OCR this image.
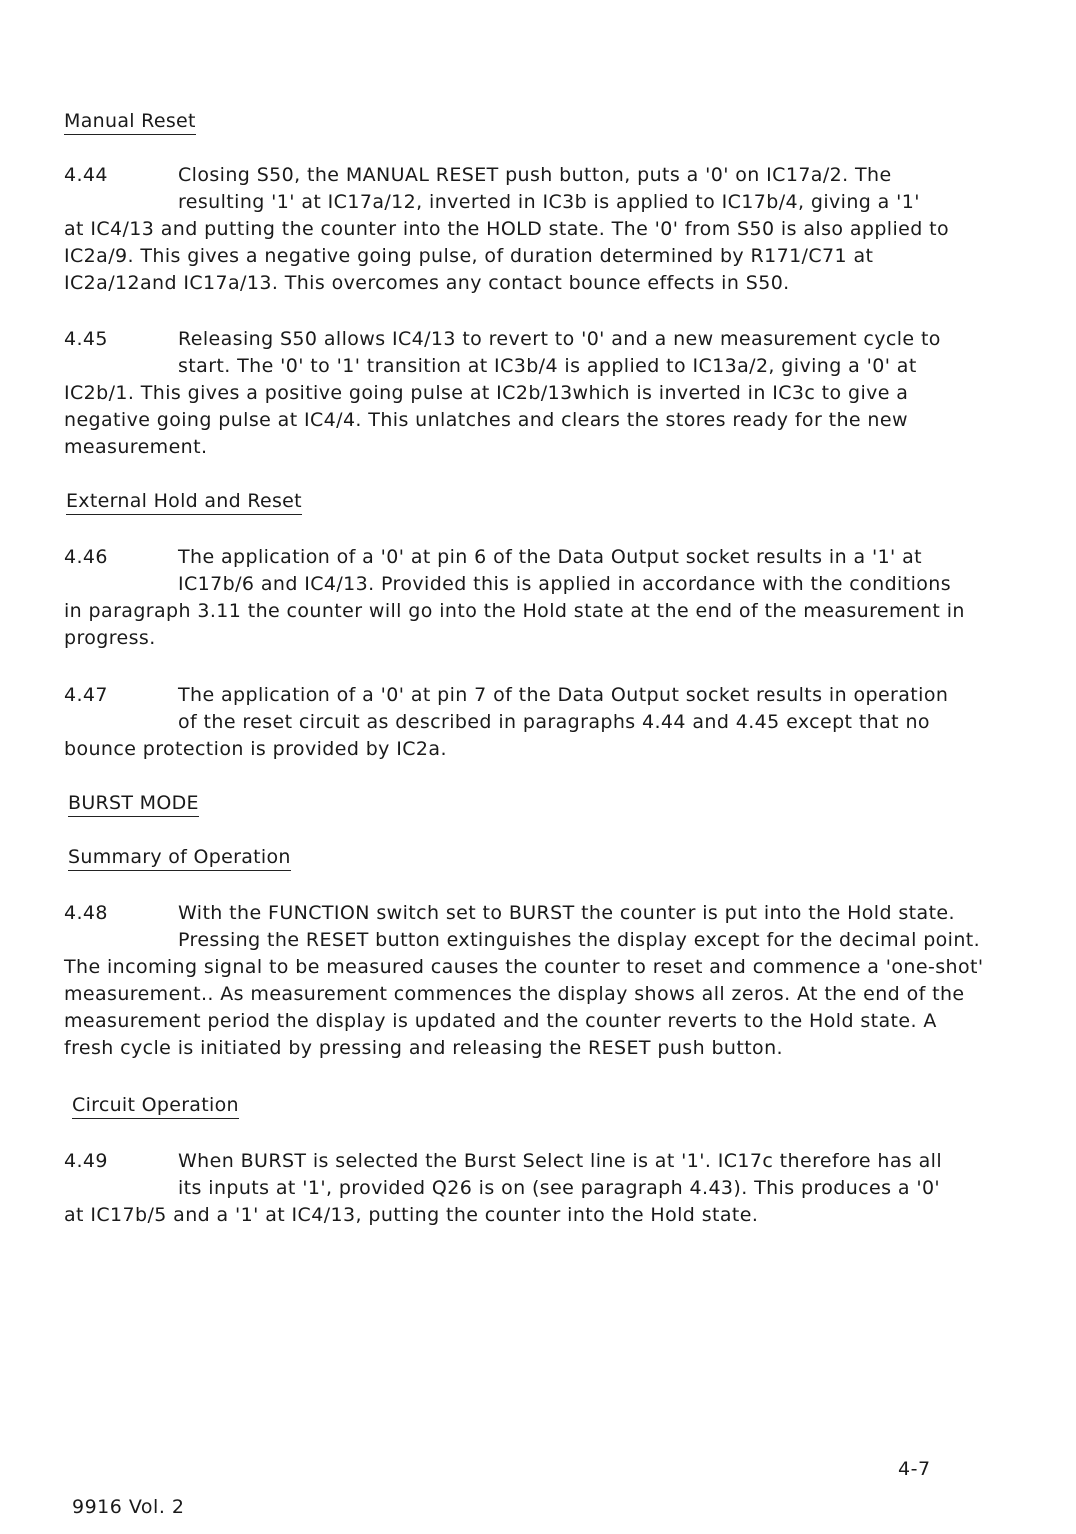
Manual Reset
4.44	Closing S50, the MANUAL RESET push button, puts a '0' on IC17a/2. The
resulting '1' at IC17a/12, inverted in IC3b is applied to IC17b/4, giving a '1'
at IC4/13 and putting the counter into the HOLD state. The '0' from S50 is also applied to
IC2a/9. This gives a negative going pulse, of duration determined by R171/C71 at
IC2a/12and IC17a/13. This overcomes any contact bounce effects in S50.
4.45	Releasing S50 allows IC4/13 to revert to '0' and a new measurement cycle to
start. The '0' to '1' transition at IC3b/4 is applied to IC13a/2, giving a '0' at
IC2b/1. This gives a positive going pulse at IC2b/13which is inverted in IC3c to give a
negative going pulse at IC4/4. This unlatches and clears the stores ready for the new
measurement.
External Hold and Reset
4.46	The application of a '0' at pin 6 of the Data Output socket results in a '1' at
IC17b/6 and IC4/13. Provided this is applied in accordance with the conditions
in paragraph 3.11 the counter will go into the Hold state at the end of the measurement in
progress.
4.47	The application of a '0' at pin 7 of the Data Output socket results in operation
of the reset circuit as described in paragraphs 4.44 and 4.45 except that no
bounce protection is provided by IC2a.
BURST MODE
Summary of Operation
4.48	With the FUNCTION switch set to BURST the counter is put into the Hold state.
Pressing the RESET button extinguishes the display except for the decimal point.
The incoming signal to be measured causes the counter to reset and commence a 'one-shot'
measurement.. As measurement commences the display shows all zeros. At the end of the
measurement period the display is updated and the counter reverts to the Hold state. A
fresh cycle is initiated by pressing and releasing the RESET push button.
Circuit Operation
4.49	When BURST is selected the Burst Select line is at '1'. IC17c therefore has all
its inputs at '1', provided Q26 is on (see paragraph 4.43). This produces a '0'
at IC17b/5 and a '1' at IC4/13, putting the counter into the Hold state.
4-7
9916 Vol. 2
